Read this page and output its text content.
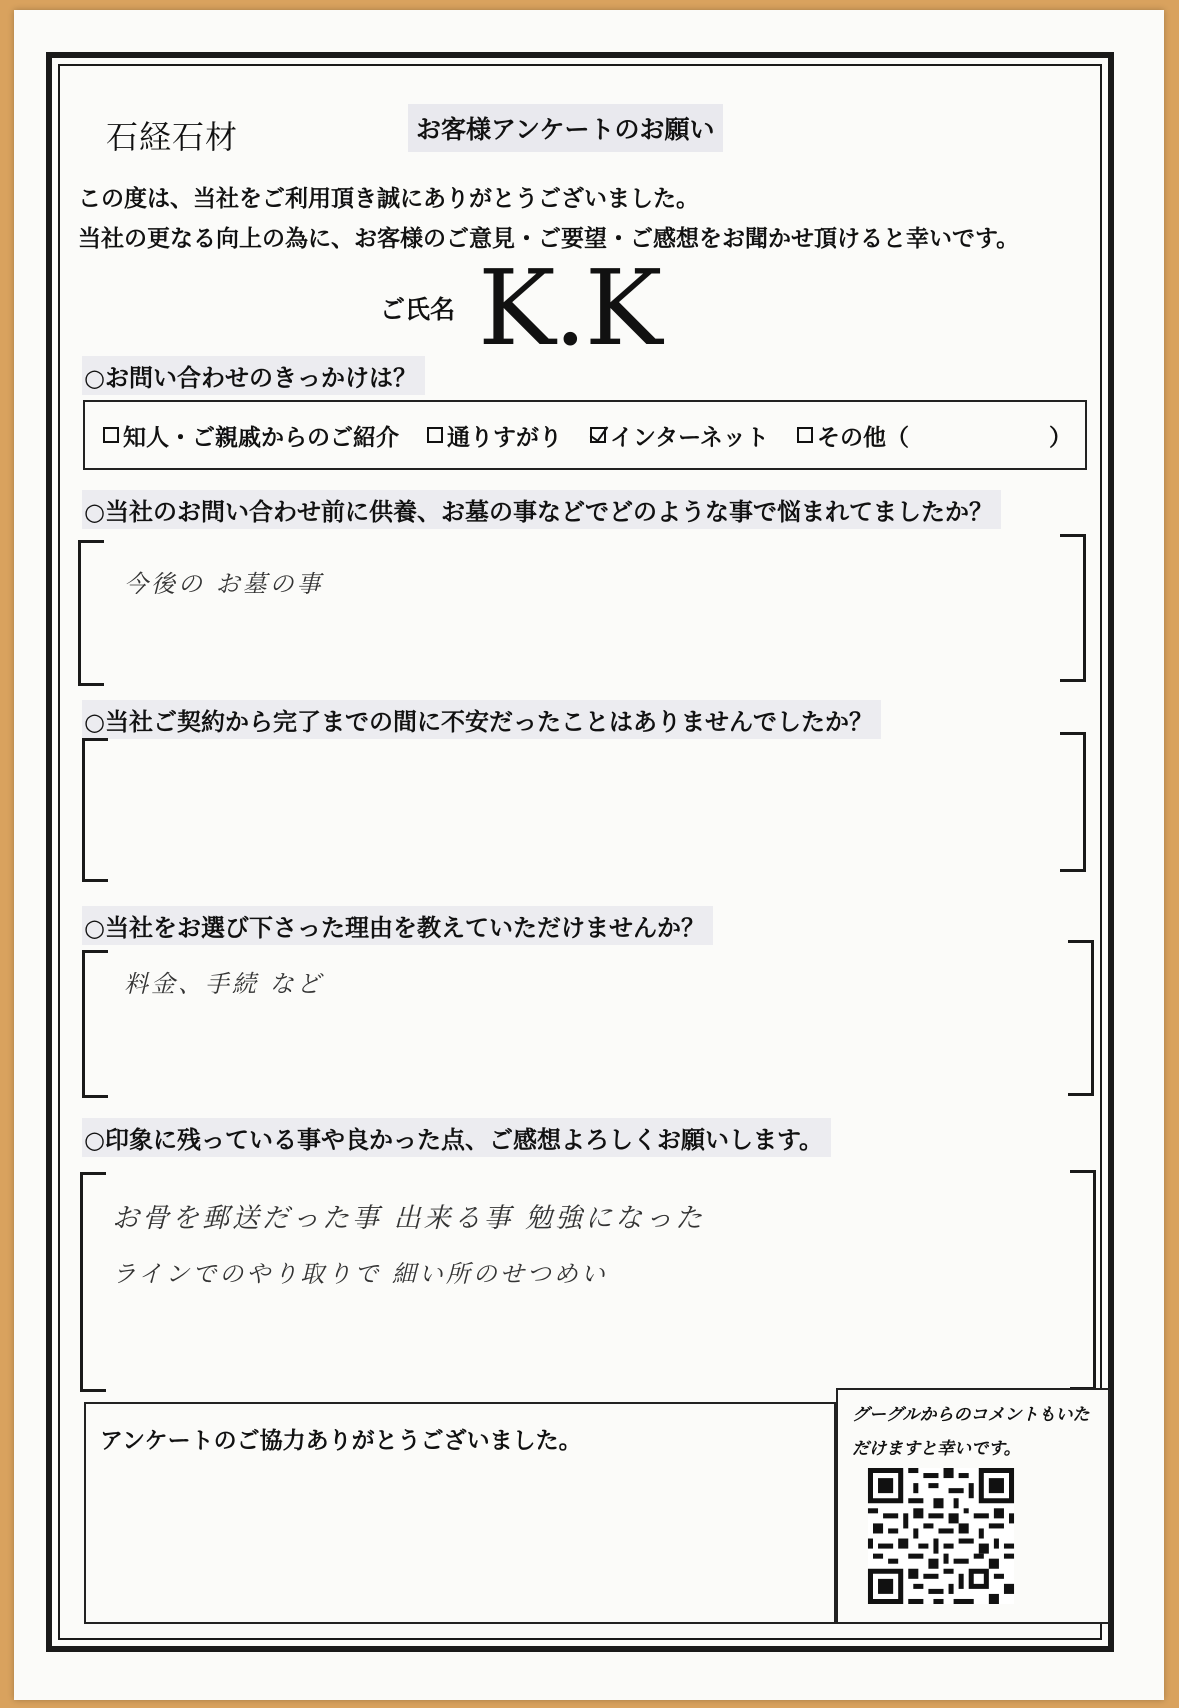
石経石材	お客様アンケートのお願い
この度は、当社をご利用頂き誠にありがとうございました。
当社の更なる向上の為に、お客様のご意見・ご要望・ご感想をお聞かせ頂けると幸いです。
ご氏名 K.K
○お問い合わせのきっかけは？
知人・ご親戚からのご紹介 通りすがり インターネット その他（	）
○当社のお問い合わせ前に供養、お墓の事などでどのような事で悩まれてましたか？
今後の お墓の事
○当社ご契約から完了までの間に不安だったことはありませんでしたか？
○当社をお選び下さった理由を教えていただけませんか？
料金、手続 など
○印象に残っている事や良かった点、ご感想よろしくお願いします。
お骨を郵送だった事 出来る事 勉強になった
ラインでのやり取りで 細い所のせつめい
アンケートのご協力ありがとうございました。
グーグルからのコメントもいただけますと幸いです。
